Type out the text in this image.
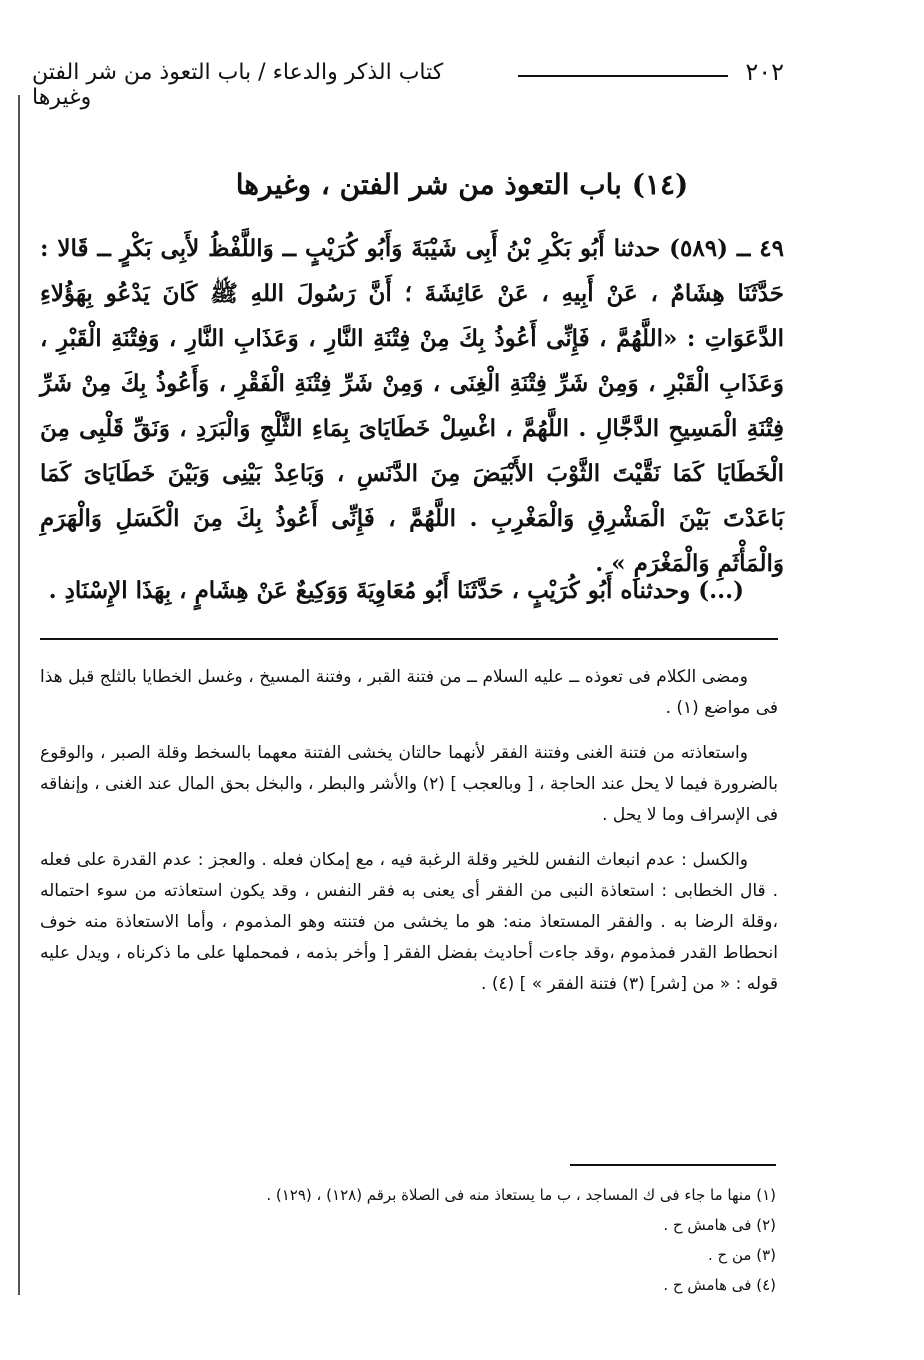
٢٠٢
كتاب الذكر والدعاء / باب التعوذ من شر الفتن وغيرها
(١٤) باب التعوذ من شر الفتن ، وغيرها
٤٩ ــ (٥٨٩) حدثنا أَبُو بَكْرِ بْنُ أَبِى شَيْبَةَ وَأَبُو كُرَيْبٍ ــ وَاللَّفْظُ لأَبِى بَكْرٍ ــ قَالا : حَدَّثَنَا هِشَامٌ ، عَنْ أَبِيهِ ، عَنْ عَائِشَةَ ؛ أَنَّ رَسُولَ اللهِ ﷺ كَانَ يَدْعُو بِهَؤُلاءِ الدَّعَوَاتِ : «اللَّهُمَّ ، فَإِنِّى أَعُوذُ بِكَ مِنْ فِتْنَةِ النَّارِ ، وَعَذَابِ النَّارِ ، وَفِتْنَةِ الْقَبْرِ ، وَعَذَابِ الْقَبْرِ ، وَمِنْ شَرِّ فِتْنَةِ الْغِنَى ، وَمِنْ شَرِّ فِتْنَةِ الْفَقْرِ ، وَأَعُوذُ بِكَ مِنْ شَرِّ فِتْنَةِ الْمَسِيحِ الدَّجَّالِ . اللَّهُمَّ ، اغْسِلْ خَطَايَاىَ بِمَاءِ الثَّلْجِ وَالْبَرَدِ ، وَنَقِّ قَلْبِى مِنَ الْخَطَايَا كَمَا نَقَّيْتَ الثَّوْبَ الأَبْيَضَ مِنَ الدَّنَسِ ، وَبَاعِدْ بَيْنِى وَبَيْنَ خَطَايَاىَ كَمَا بَاعَدْتَ بَيْنَ الْمَشْرِقِ وَالْمَغْرِبِ . اللَّهُمَّ ، فَإِنِّى أَعُوذُ بِكَ مِنَ الْكَسَلِ وَالْهَرَمِ وَالْمَأْثَمِ وَالْمَغْرَمِ » .
(...) وحدثناه أَبُو كُرَيْبٍ ، حَدَّثَنَا أَبُو مُعَاوِيَةَ وَوَكِيعٌ عَنْ هِشَامٍ ، بِهَذَا الإِسْنَادِ .

ومضى الكلام فى تعوذه ــ عليه السلام ــ من فتنة القبر ، وفتنة المسيخ ، وغسل الخطايا بالثلج قبل هذا فى مواضع (١) .

واستعاذته من فتنة الغنى وفتنة الفقر لأنهما حالتان يخشى الفتنة معهما بالسخط وقلة الصبر ، والوقوع بالضرورة فيما لا يحل عند الحاجة ، [ وبالعجب ] (٢) والأشر والبطر ، والبخل بحق المال عند الغنى ، وإنفاقه فى الإسراف وما لا يحل .

والكسل : عدم انبعاث النفس للخير وقلة الرغبة فيه ، مع إمكان فعله . والعجز : عدم القدرة على فعله . قال الخطابى : استعاذة النبى من الفقر أى يعنى به فقر النفس ، وقد يكون استعاذته من سوء احتماله ،وقلة الرضا به . والفقر المستعاذ منه: هو ما يخشى من فتنته وهو المذموم ، وأما الاستعاذة منه خوف انحطاط القدر فمذموم ،وقد جاءت أحاديث بفضل الفقر [ وأخر بذمه ، فمحملها على ما ذكرناه ، ويدل عليه قوله : « من [شر] (٣) فتنة الفقر » ] (٤) .

(١) منها ما جاء فى ك المساجد ، ب ما يستعاذ منه فى الصلاة برقم (١٢٨) ، (١٢٩) .
(٢) فى هامش ح .
(٣) من ح .
(٤) فى هامش ح .
